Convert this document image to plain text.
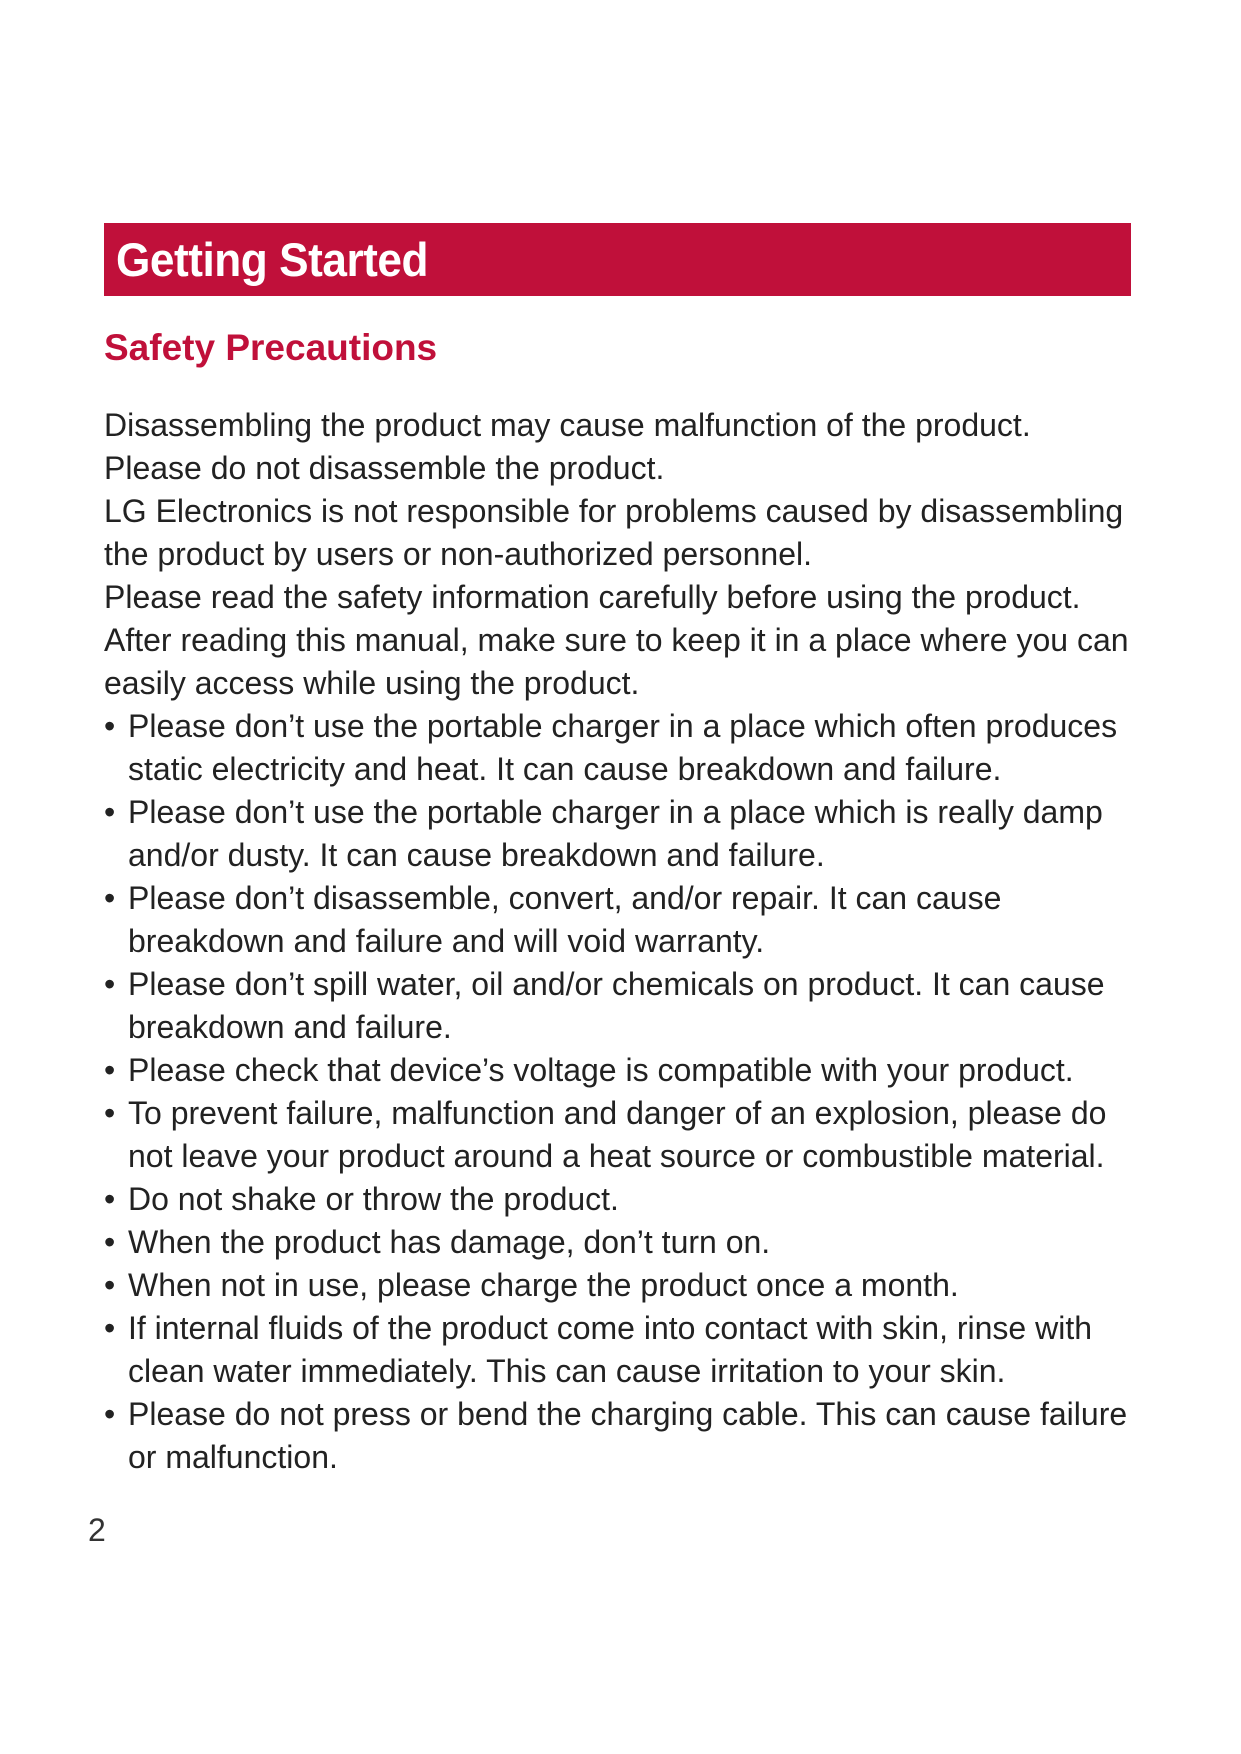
Getting Started
Safety Precautions

Disassembling the product may cause malfunction of the product.

Please do not disassemble the product.

LG Electronics is not responsible for problems caused by disassembling the product by users or non-authorized personnel.

Please read the safety information carefully before using the product.

After reading this manual, make sure to keep it in a place where you can easily access while using the product.

• Please don’t use the portable charger in a place which often produces static electricity and heat. It can cause breakdown and failure.
• Please don’t use the portable charger in a place which is really damp and/or dusty. It can cause breakdown and failure.
• Please don’t disassemble, convert, and/or repair. It can cause breakdown and failure and will void warranty.
• Please don’t spill water, oil and/or chemicals on product. It can cause breakdown and failure.
• Please check that device’s voltage is compatible with your product.
• To prevent failure, malfunction and danger of an explosion, please do not leave your product around a heat source or combustible material.
• Do not shake or throw the product.
• When the product has damage, don’t turn on.
• When not in use, please charge the product once a month.
• If internal fluids of the product come into contact with skin, rinse with clean water immediately. This can cause irritation to your skin.
• Please do not press or bend the charging cable. This can cause failure or malfunction.
2
